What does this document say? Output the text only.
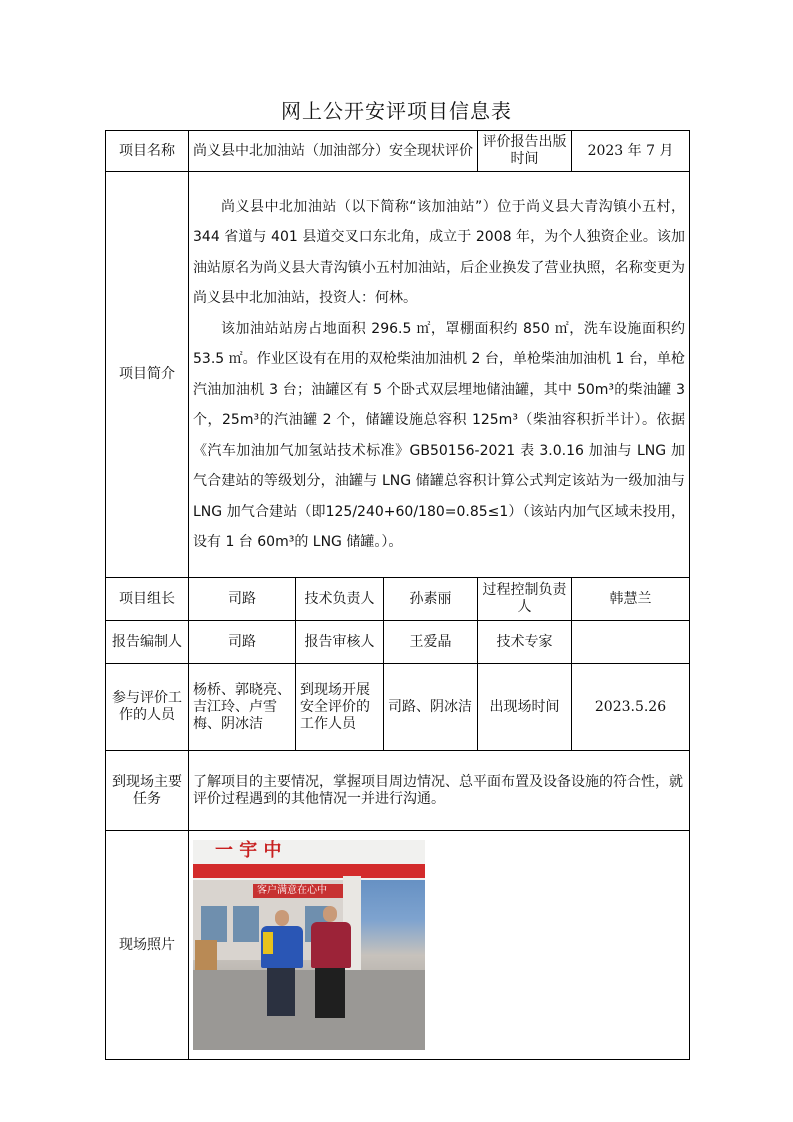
网上公开安评项目信息表
项目名称	尚义县中北加油站（加油部分）安全现状评价			评价报告出版时间	2023 年 7 月
项目简介	尚义县中北加油站（以下简称“该加油站”）位于尚义县大青沟镇小五村，344 省道与 401 县道交叉口东北角，成立于 2008 年，为个人独资企业。该加油站原名为尚义县大青沟镇小五村加油站，后企业换发了营业执照，名称变更为尚义县中北加油站，投资人：何林。

该加油站站房占地面积 296.5 ㎡，罩棚面积约 850 ㎡，洗车设施面积约 53.5 ㎡。作业区设有在用的双枪柴油加油机 2 台，单枪柴油加油机 1 台，单枪汽油加油机 3 台；油罐区有 5 个卧式双层埋地储油罐，其中 50m³的柴油罐 3 个，25m³的汽油罐 2 个，储罐设施总容积 125m³（柴油容积折半计）。依据《汽车加油加气加氢站技术标准》GB50156-2021 表 3.0.16 加油与 LNG 加气合建站的等级划分，油罐与 LNG 储罐总容积计算公式判定该站为一级加油与 LNG 加气合建站（即125/240+60/180=0.85≤1）（该站内加气区域未投用，设有 1 台 60m³的 LNG 储罐。）。				

项目组长	司路	技术负责人	孙素丽	过程控制负责人	韩慧兰
报告编制人	司路	报告审核人	王爱晶	技术专家	
参与评价工作的人员	杨桥、郭晓亮、吉江玲、卢雪梅、阴冰洁	到现场开展安全评价的工作人员	司路、阴冰洁	出现场时间	2023.5.26
到现场主要任务	了解项目的主要情况，掌握项目周边情况、总平面布置及设备设施的符合性，就评价过程遇到的其他情况一并进行沟通。				
现场照片	一 宇 中
客户满意在心中				
